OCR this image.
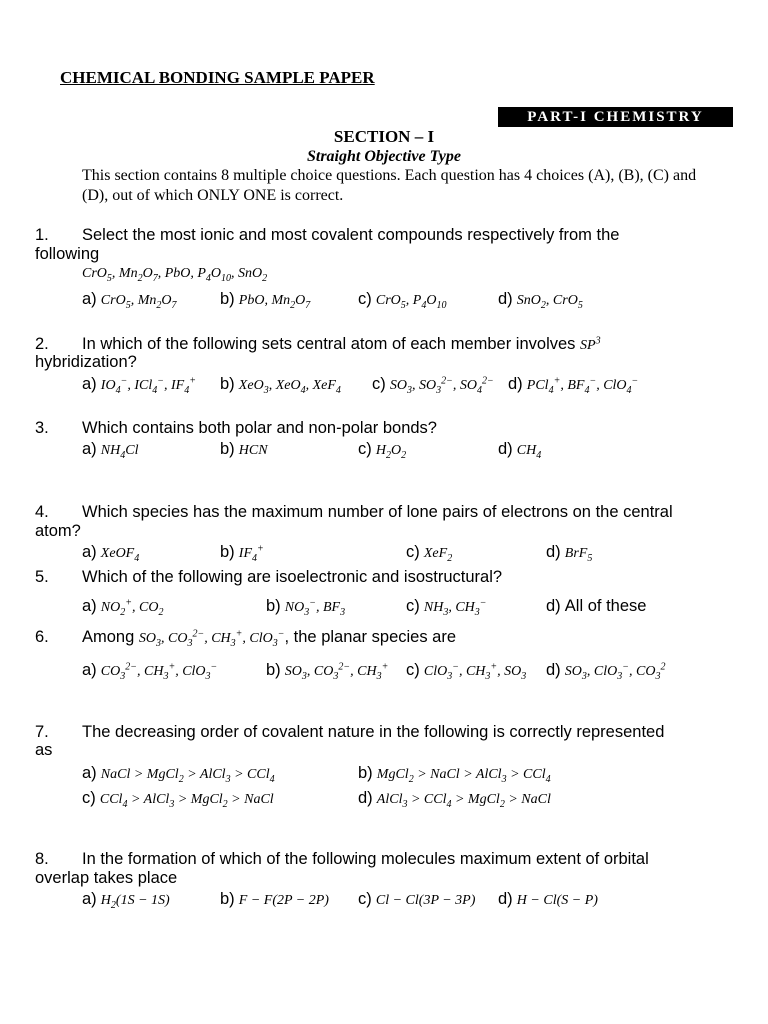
CHEMICAL BONDING SAMPLE PAPER
PART-I CHEMISTRY
SECTION – I
Straight Objective Type
This section contains 8 multiple choice questions. Each question has 4 choices (A), (B), (C) and (D), out of which ONLY ONE is correct.
1. Select the most ionic and most covalent compounds respectively from the
following
CrO$_5$, $Mn_2O_7$, PbO, $P_4O_{10}$, SnO$_2$
a) CrO$_5$, $Mn_2O_7$	b) PbO, $Mn_2O_7$	c) CrO$_5$, $P_4O_{10}$	d) SnO$_2$, CrO$_5$
2. In which of the following sets central atom of each member involves $SP^3$
hybridization?
a) $IO_4^-$, ICl$_4$−, $IF_4^+$ b) XeO$_3$, XeO$_4$, XeF$_4$ c) $SO_3$, $SO_3^{2-}$, $SO_4^{2-}$ d) PCl$_4$+, $BF_4^-$, ClO$_4$−
3. Which contains both polar and non-polar bonds?
a) $NH_4Cl$	b) HCN	c) $H_2O_2$	d) $CH_4$
4. Which species has the maximum number of lone pairs of electrons on the central
atom?
a) XeOF$_4$	b) $IF_4^+$	c) XeF$_2$	d) BrF$_5$
5. Which of the following are isoelectronic and isostructural?
a) $NO_2^+$, $CO_2$	b) $NO_3^-$, $BF_3$	c) $NH_3$, $CH_3^-$	d) All of these
6. Among $SO_3$, $CO_3^{2-}$, $CH_3^+$, ClO$_3$−, the planar species are
a) $CO_3^{2-}$, $CH_3^+$, ClO$_3$−	b) $SO_3$, $CO_3^{2-}$, $CH_3^+$ c) ClO$_3$−, $CH_3^+$, $SO_3$ d) $SO_3$, ClO$_3$−, $CO_3^2$
7. The decreasing order of covalent nature in the following is correctly represented
as
a) NaCl > MgCl$_2$ > AlCl$_3$ > CCl$_4$	b) MgCl$_2$ > NaCl > AlCl$_3$ > CCl$_4$
c) CCl$_4$ > AlCl$_3$ > MgCl$_2$ > NaCl	d) AlCl$_3$ > CCl$_4$ > MgCl$_2$ > NaCl
8. In the formation of which of the following molecules maximum extent of orbital
overlap takes place
a) $H_2(1S - 1S)$	b) F − F(2P − 2P) c) Cl − Cl(3P − 3P) d) H − Cl(S − P)
